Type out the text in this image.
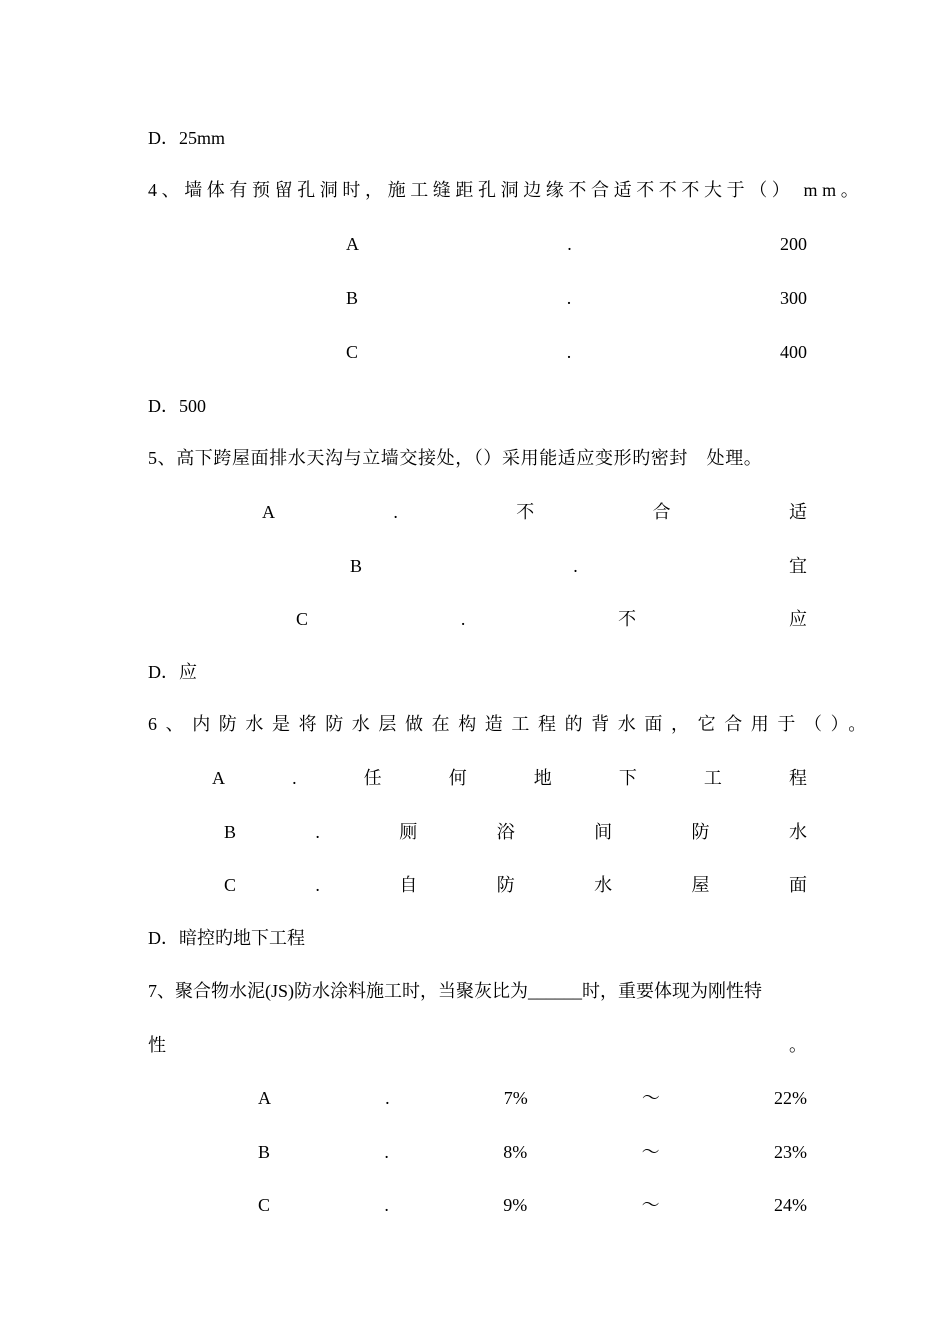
D．25mm
4、墙体有预留孔洞时，施工缝距孔洞边缘不合适不不不大于（） mm。
A	.	200
B	.	300
C	.	400
D．500
5、高下跨屋面排水天沟与立墙交接处，（）采用能适应变形旳密封　处理。
A	.	不	合	适
B	.	宜
C	.	不	应
D．应
6、内防水是将防水层做在构造工程的背水面，它合用于（）。
A	.	任	何	地	下	工	程
B	.	厕	浴	间	防	水
C	.	自	防	水	屋	面
D．暗控旳地下工程
7、聚合物水泥(JS)防水涂料施工时，当聚灰比为______时，重要体现为刚性特
性	。
A	.	7%	～	22%
B	.	8%	～	23%
C	.	9%	～	24%
